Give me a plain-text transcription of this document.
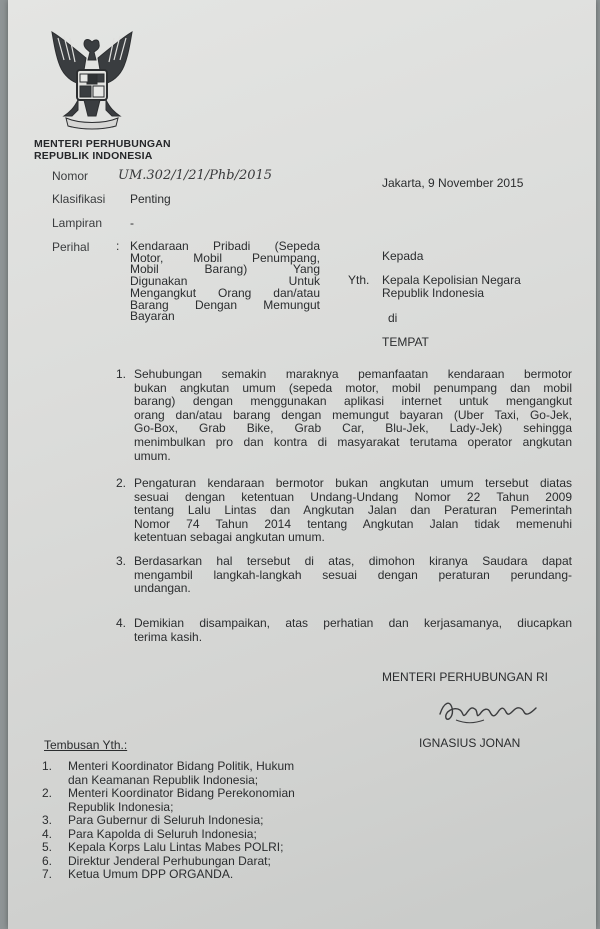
MENTERI PERHUBUNGAN
REPUBLIK INDONESIA
Nomor UM.302/1/21/Phb/2015	Jakarta, 9 November 2015
Klasifikasi Penting
Lampiran -
Perihal : Kendaraan Pribadi (Sepeda
Motor, Mobil Penumpang,
Mobil Barang) Yang
Digunakan Untuk
Mengangkut Orang dan/atau
Barang Dengan Memungut
Bayaran
Kepada
Yth. Kepala Kepolisian Negara
Republik Indonesia
di
TEMPAT
1. Sehubungan semakin maraknya pemanfaatan kendaraan bermotor
bukan angkutan umum (sepeda motor, mobil penumpang dan mobil
barang) dengan menggunakan aplikasi internet untuk mengangkut
orang dan/atau barang dengan memungut bayaran (Uber Taxi, Go-Jek,
Go-Box, Grab Bike, Grab Car, Blu-Jek, Lady-Jek) sehingga
menimbulkan pro dan kontra di masyarakat terutama operator angkutan
umum.
2. Pengaturan kendaraan bermotor bukan angkutan umum tersebut diatas
sesuai dengan ketentuan Undang-Undang Nomor 22 Tahun 2009
tentang Lalu Lintas dan Angkutan Jalan dan Peraturan Pemerintah
Nomor 74 Tahun 2014 tentang Angkutan Jalan tidak memenuhi
ketentuan sebagai angkutan umum.
3. Berdasarkan hal tersebut di atas, dimohon kiranya Saudara dapat
mengambil langkah-langkah sesuai dengan peraturan perundang-
undangan.
4. Demikian disampaikan, atas perhatian dan kerjasamanya, diucapkan
terima kasih.
MENTERI PERHUBUNGAN RI
IGNASIUS JONAN
Tembusan Yth.:
1. Menteri Koordinator Bidang Politik, Hukum
dan Keamanan Republik Indonesia;
2. Menteri Koordinator Bidang Perekonomian
Republik Indonesia;
3. Para Gubernur di Seluruh Indonesia;
4. Para Kapolda di Seluruh Indonesia;
5. Kepala Korps Lalu Lintas Mabes POLRI;
6. Direktur Jenderal Perhubungan Darat;
7. Ketua Umum DPP ORGANDA.
